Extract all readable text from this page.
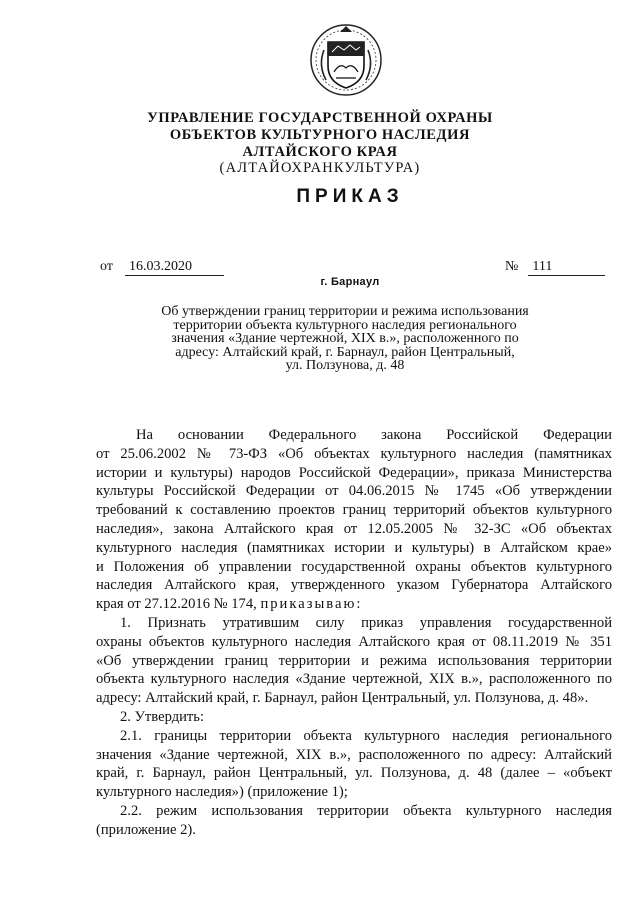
УПРАВЛЕНИЕ ГОСУДАРСТВЕННОЙ ОХРАНЫ
ОБЪЕКТОВ КУЛЬТУРНОГО НАСЛЕДИЯ
АЛТАЙСКОГО КРАЯ
(АЛТАЙОХРАНКУЛЬТУРА)
ПРИКАЗ
от 16.03.2020	№ 111
г. Барнаул
Об утверждении границ территории и режима использования
территории объекта культурного наследия регионального
значения «Здание чертежной, XIX в.», расположенного по
адресу: Алтайский край, г. Барнаул, район Центральный,
ул. Ползунова, д. 48
На основании Федерального закона Российской Федерации
от 25.06.2002 № 73-ФЗ «Об объектах культурного наследия (памятниках
истории и культуры) народов Российской Федерации», приказа Министерства
культуры Российской Федерации от 04.06.2015 № 1745 «Об утверждении
требований к составлению проектов границ территорий объектов культурного
наследия», закона Алтайского края от 12.05.2005 № 32-ЗС «Об объектах
культурного наследия (памятниках истории и культуры) в Алтайском крае»
и Положения об управлении государственной охраны объектов культурного
наследия Алтайского края, утвержденного указом Губернатора Алтайского
края от 27.12.2016 № 174, приказываю:
1. Признать утратившим силу приказ управления государственной
охраны объектов культурного наследия Алтайского края от 08.11.2019 № 351
«Об утверждении границ территории и режима использования территории
объекта культурного наследия «Здание чертежной, XIX в.», расположенного по
адресу: Алтайский край, г. Барнаул, район Центральный, ул. Ползунова, д. 48».
2. Утвердить:
2.1. границы территории объекта культурного наследия регионального
значения «Здание чертежной, XIX в.», расположенного по адресу: Алтайский
край, г. Барнаул, район Центральный, ул. Ползунова, д. 48 (далее – «объект
культурного наследия») (приложение 1);
2.2. режим использования территории объекта культурного наследия
(приложение 2).
